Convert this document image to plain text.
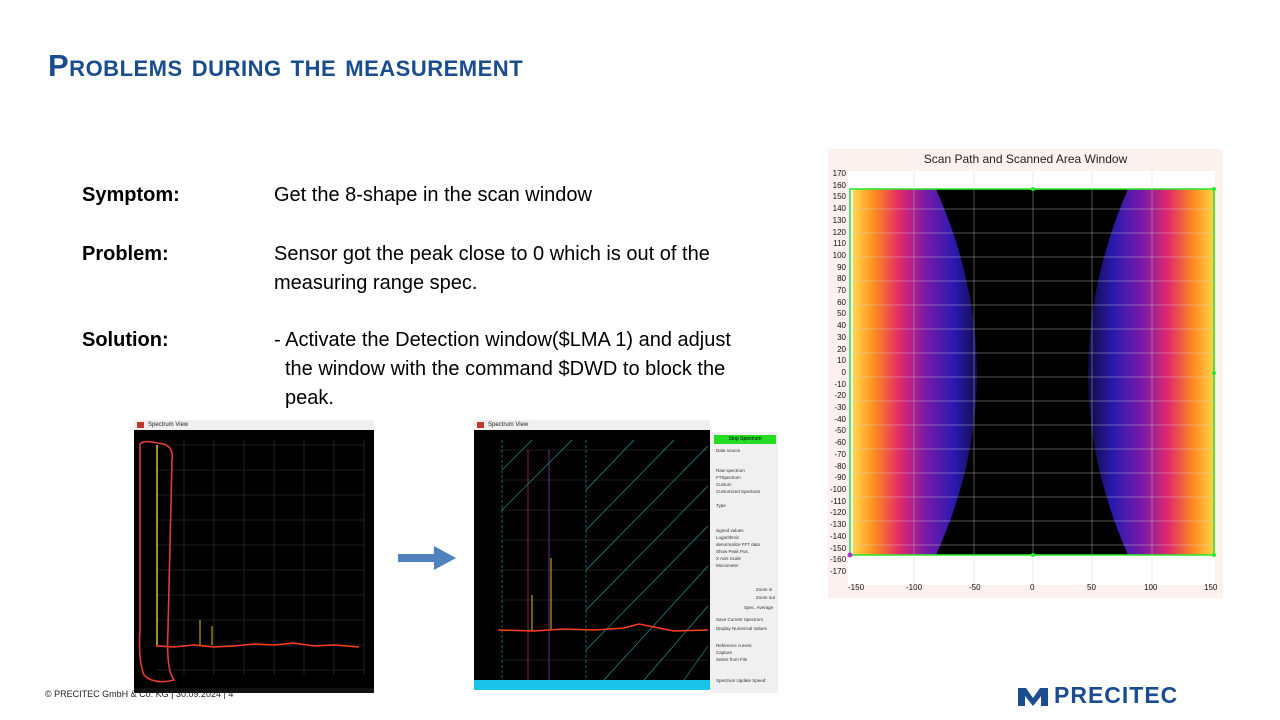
Problems during the measurement
Symptom:	Get the 8-shape in the scan window
Problem:	Sensor got the peak close to 0 which is out of the
measuring range spec.
Solution:	- Activate the Detection window($LMA 1) and adjust
the window with the command $DWD to block the
peak.
Spectrum View	Spectrum View
Stop Spectrum
Data source
Raw spectrum
FTSpectrum
Custom
Customized Spectrum
Type
signed values
Logarithmic
denormalize FFT data
Show Peak Pos.
X Axis Scale
Micrometer
Zoom in
Zoom out
Spec. Average
Save Current Spectrum
Display Numerical Values
Reference curves:
Capture
Select from File
Spectrum Update Speed:
Scan Path and Scanned Area Window
170
160
150
140
130
120
110
100
90
80
70
60
50
40
30
20
10
0
-10
-20
-30
-40
-50
-60
-70
-80
-90
-100
-110
-120
-130
-140
-150
-160
-170
-150	-100	-50	0	50	100	150
© PRECITEC GmbH & Co. KG | 30.09.2024 | 4	PRECITEC
